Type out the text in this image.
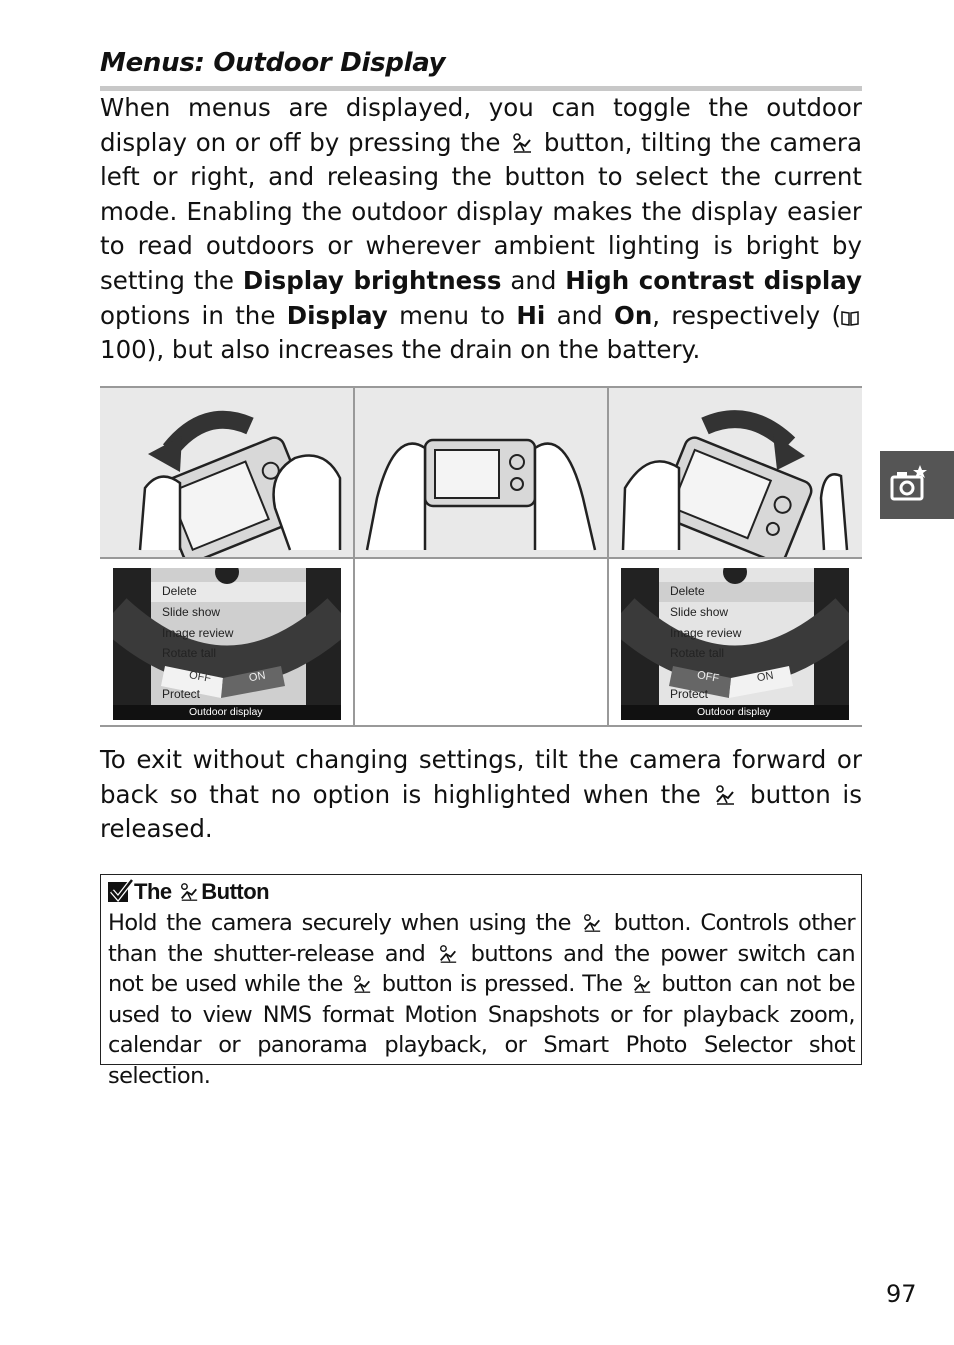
Menus: Outdoor Display

When menus are displayed, you can toggle the outdoor display on or off by pressing the button, tilting the camera left or right, and releasing the button to select the current mode. Enabling the outdoor display makes the display easier to read outdoors or wherever ambient lighting is bright by setting the Display brightness and High contrast display options in the Display menu to Hi and On, respectively (100), but also increases the drain on the battery.

Delete
Slide show
Image review
Rotate tall
Protect
OFF	ON
Outdoor display
Delete
Slide show
Image review
Rotate tall
Protect
OFF	ON
Outdoor display

To exit without changing settings, tilt the camera forward or back so that no option is highlighted when the button is released.

The Button

Hold the camera securely when using the button. Controls other than the shutter-release and buttons and the power switch can not be used while the button is pressed. The button can not be used to view NMS format Motion Snapshots or for playback zoom, calendar or panorama playback, or Smart Photo Selector shot selection.

97
